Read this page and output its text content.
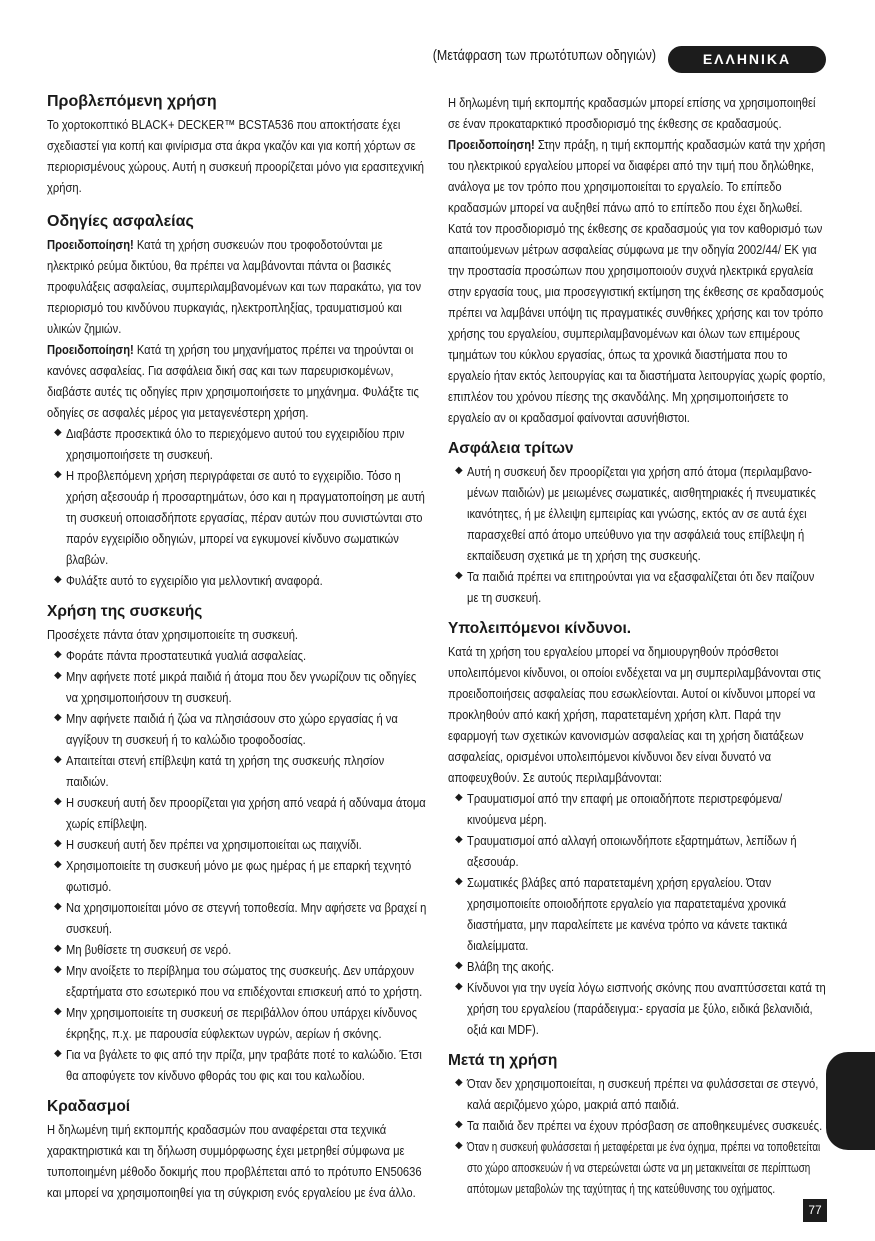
(Μετάφραση των πρωτότυπων οδηγιών)	ΕΛΛΗΝΙΚΑ
Προβλεπόμενη χρήση

Το χορτοκοπτικό BLACK+ DECKER™ BCSTA536 που αποκτήσατε έχει σχεδιαστεί για κοπή και φινίρισμα στα άκρα γκαζόν και για κοπή χόρτων σε περιορισμένους χώρους. Αυτή η συσκευή προορίζεται μόνο για ερασιτεχνική χρήση.

Οδηγίες ασφαλείας

Προειδοποίηση! Κατά τη χρήση συσκευών που τροφοδοτούνται με ηλεκτρικό ρεύμα δικτύου, θα πρέπει να λαμβάνονται πάντα οι βασικές προφυλάξεις ασφαλείας, συμπεριλαμβανομένων και των παρακάτω, για τον περιορισμό του κινδύνου πυρκαγιάς, ηλεκτροπληξίας, τραυματισμού και υλικών ζημιών.

Προειδοποίηση! Κατά τη χρήση του μηχανήματος πρέπει να τηρούνται οι κανόνες ασφαλείας. Για ασφάλεια δική σας και των παρευρισκομένων, διαβάστε αυτές τις οδηγίες πριν χρησιμοποιήσετε το μηχάνημα. Φυλάξτε τις οδηγίες σε ασφαλές μέρος για μεταγενέστερη χρήση.

◆ Διαβάστε προσεκτικά όλο το περιεχόμενο αυτού του εγχειριδίου πριν χρησιμοποιήσετε τη συσκευή.
◆ Η προβλεπόμενη χρήση περιγράφεται σε αυτό το εγχειρίδιο. Τόσο η χρήση αξεσουάρ ή προσαρτημάτων, όσο και η πραγματοποίηση με αυτή τη συσκευή οποιασδήποτε εργασίας, πέραν αυτών που συνιστώνται στο παρόν εγχειρίδιο οδηγιών, μπορεί να εγκυμονεί κίνδυνο σωματικών βλαβών.
◆ Φυλάξτε αυτό το εγχειρίδιο για μελλοντική αναφορά.
Χρήση της συσκευής

Προσέχετε πάντα όταν χρησιμοποιείτε τη συσκευή.

◆ Φοράτε πάντα προστατευτικά γυαλιά ασφαλείας.
◆ Μην αφήνετε ποτέ μικρά παιδιά ή άτομα που δεν γνωρίζουν τις οδηγίες να χρησιμοποιήσουν τη συσκευή.
◆ Μην αφήνετε παιδιά ή ζώα να πλησιάσουν στο χώρο εργασίας ή να αγγίξουν τη συσκευή ή το καλώδιο τροφοδοσίας.
◆ Απαιτείται στενή επίβλεψη κατά τη χρήση της συσκευής πλησίον παιδιών.
◆ Η συσκευή αυτή δεν προορίζεται για χρήση από νεαρά ή αδύναμα άτομα χωρίς επίβλεψη.
◆ Η συσκευή αυτή δεν πρέπει να χρησιμοποιείται ως παιχνίδι.
◆ Χρησιμοποιείτε τη συσκευή μόνο με φως ημέρας ή με επαρκή τεχνητό φωτισμό.
◆ Να χρησιμοποιείται μόνο σε στεγνή τοποθεσία. Μην αφήσετε να βραχεί η συσκευή.
◆ Μη βυθίσετε τη συσκευή σε νερό.
◆ Μην ανοίξετε το περίβλημα του σώματος της συσκευής. Δεν υπάρχουν εξαρτήματα στο εσωτερικό που να επιδέχονται επισκευή από το χρήστη.
◆ Μην χρησιμοποιείτε τη συσκευή σε περιβάλλον όπου υπάρχει κίνδυνος έκρηξης, π.χ. με παρουσία εύφλεκτων υγρών, αερίων ή σκόνης.
◆ Για να βγάλετε το φις από την πρίζα, μην τραβάτε ποτέ το καλώδιο. Έτσι θα αποφύγετε τον κίνδυνο φθοράς του φις και του καλωδίου.
Κραδασμοί

Η δηλωμένη τιμή εκπομπής κραδασμών που αναφέρεται στα τεχνικά χαρακτηριστικά και τη δήλωση συμμόρφωσης έχει μετρηθεί σύμφωνα με τυποποιημένη μέθοδο δοκιμής που προβλέπεται από το πρότυπο EN50636 και μπορεί να χρησιμοποιηθεί για τη σύγκριση ενός εργαλείου με ένα άλλο.

Η δηλωμένη τιμή εκπομπής κραδασμών μπορεί επίσης να χρησιμοποιηθεί σε έναν προκαταρκτικό προσδιορισμό της έκθεσης σε κραδασμούς.

Προειδοποίηση! Στην πράξη, η τιμή εκπομπής κραδασμών κατά την χρήση του ηλεκτρικού εργαλείου μπορεί να διαφέρει από την τιμή που δηλώθηκε, ανάλογα με τον τρόπο που χρησιμοποιείται το εργαλείο. Το επίπεδο κραδασμών μπορεί να αυξηθεί πάνω από το επίπεδο που έχει δηλωθεί. Κατά τον προσδιορισμό της έκθεσης σε κραδασμούς για τον καθορισμό των απαιτούμενων μέτρων ασφαλείας σύμφωνα με την οδηγία 2002/44/ ΕΚ για την προστασία προσώπων που χρησιμοποιούν συχνά ηλεκτρικά εργαλεία στην εργασία τους, μια προσεγγιστική εκτίμηση της έκθεσης σε κραδασμούς πρέπει να λαμβάνει υπόψη τις πραγματικές συνθήκες χρήσης και τον τρόπο χρήσης του εργαλείου, συμπεριλαμβανομένων και όλων των επιμέρους τμημάτων του κύκλου εργασίας, όπως τα χρονικά διαστήματα που το εργαλείο ήταν εκτός λειτουργίας και τα διαστήματα λειτουργίας χωρίς φορτίο, επιπλέον του χρόνου πίεσης της σκανδάλης. Μη χρησιμοποιήσετε το εργαλείο αν οι κραδασμοί φαίνονται ασυνήθιστοι.

Ασφάλεια τρίτων
◆ Αυτή η συσκευή δεν προορίζεται για χρήση από άτομα (περιλαμβανο- μένων παιδιών) με μειωμένες σωματικές, αισθητηριακές ή πνευματικές ικανότητες, ή με έλλειψη εμπειρίας και γνώσης, εκτός αν σε αυτά έχει παρασχεθεί από άτομο υπεύθυνο για την ασφάλειά τους επίβλεψη ή εκπαίδευση σχετικά με τη χρήση της συσκευής.
◆ Τα παιδιά πρέπει να επιτηρούνται για να εξασφαλίζεται ότι δεν παίζουν με τη συσκευή.
Υπολειπόμενοι κίνδυνοι.

Κατά τη χρήση του εργαλείου μπορεί να δημιουργηθούν πρόσθετοι υπολειπόμενοι κίνδυνοι, οι οποίοι ενδέχεται να μη συμπεριλαμβάνονται στις προειδοποιήσεις ασφαλείας που εσωκλείονται. Αυτοί οι κίνδυνοι μπορεί να προκληθούν από κακή χρήση, παρατεταμένη χρήση κλπ. Παρά την εφαρμογή των σχετικών κανονισμών ασφαλείας και τη χρήση διατάξεων ασφαλείας, ορισμένοι υπολειπόμενοι κίνδυνοι δεν είναι δυνατό να αποφευχθούν. Σε αυτούς περιλαμβάνονται:

◆ Τραυματισμοί από την επαφή με οποιαδήποτε περιστρεφόμενα/ κινούμενα μέρη.
◆ Τραυματισμοί από αλλαγή οποιωνδήποτε εξαρτημάτων, λεπίδων ή αξεσουάρ.
◆ Σωματικές βλάβες από παρατεταμένη χρήση εργαλείου. Όταν χρησιμοποιείτε οποιοδήποτε εργαλείο για παρατεταμένα χρονικά διαστήματα, μην παραλείπετε με κανένα τρόπο να κάνετε τακτικά διαλείμματα.
◆ Βλάβη της ακοής.
◆ Κίνδυνοι για την υγεία λόγω εισπνοής σκόνης που αναπτύσσεται κατά τη χρήση του εργαλείου (παράδειγμα:- εργασία με ξύλο, ειδικά βελανιδιά, οξιά και MDF).
Μετά τη χρήση
◆ Όταν δεν χρησιμοποιείται, η συσκευή πρέπει να φυλάσσεται σε στεγνό, καλά αεριζόμενο χώρο, μακριά από παιδιά.
◆ Τα παιδιά δεν πρέπει να έχουν πρόσβαση σε αποθηκευμένες συσκευές.
◆ Όταν η συσκευή φυλάσσεται ή μεταφέρεται με ένα όχημα, πρέπει να τοποθετείται στο χώρο αποσκευών ή να στερεώνεται ώστε να μη μετακινείται σε περίπτωση απότομων μεταβολών της ταχύτητας ή της κατεύθυνσης του οχήματος.
77
